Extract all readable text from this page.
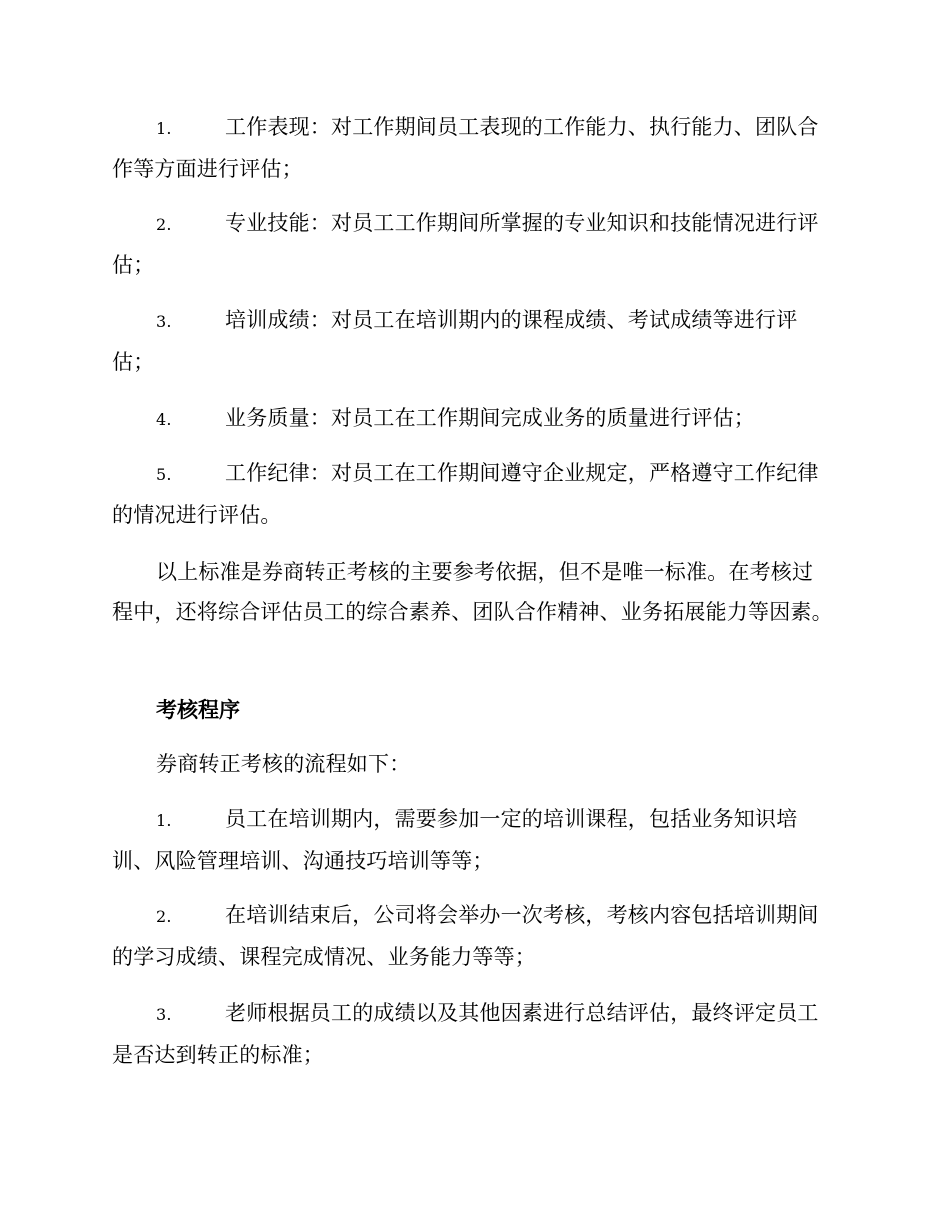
1.	工作表现：对工作期间员工表现的工作能力、执行能力、团队合作等方面进行评估；
2.	专业技能：对员工工作期间所掌握的专业知识和技能情况进行评估；
3.	培训成绩：对员工在培训期内的课程成绩、考试成绩等进行评估；
4.	业务质量：对员工在工作期间完成业务的质量进行评估；
5.	工作纪律：对员工在工作期间遵守企业规定，严格遵守工作纪律的情况进行评估。
以上标准是券商转正考核的主要参考依据，但不是唯一标准。在考核过程中，还将综合评估员工的综合素养、团队合作精神、业务拓展能力等因素。
考核程序
券商转正考核的流程如下：
1.	员工在培训期内，需要参加一定的培训课程，包括业务知识培训、风险管理培训、沟通技巧培训等等；
2.	在培训结束后，公司将会举办一次考核，考核内容包括培训期间的学习成绩、课程完成情况、业务能力等等；
3.	老师根据员工的成绩以及其他因素进行总结评估，最终评定员工是否达到转正的标准；
